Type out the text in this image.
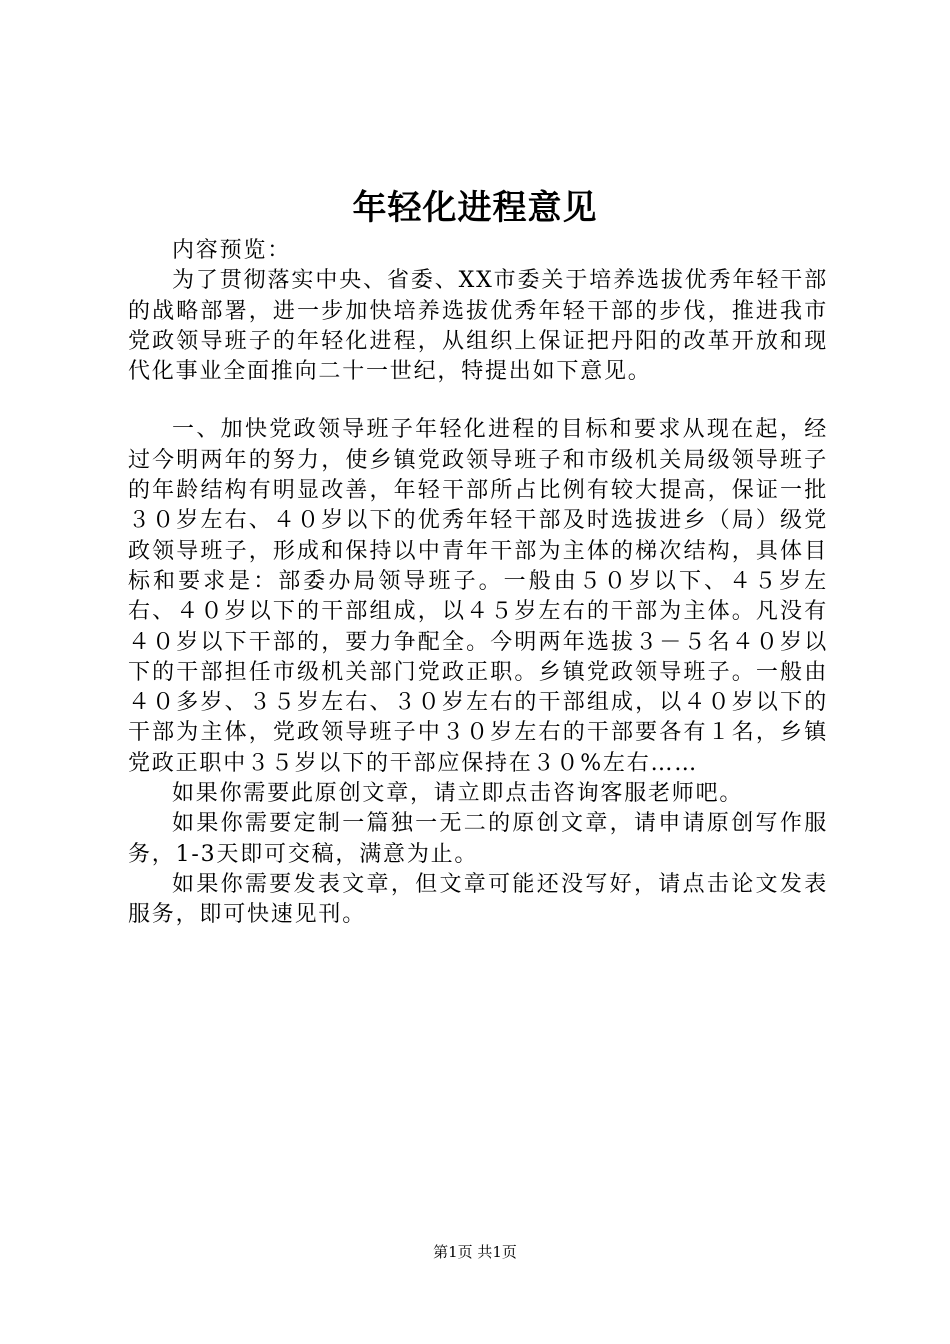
年轻化进程意见

内容预览：

为了贯彻落实中央、省委、XX市委关于培养选拔优秀年轻干部的战略部署，进一步加快培养选拔优秀年轻干部的步伐，推进我市党政领导班子的年轻化进程，从组织上保证把丹阳的改革开放和现代化事业全面推向二十一世纪，特提出如下意见。

一、加快党政领导班子年轻化进程的目标和要求从现在起，经过今明两年的努力，使乡镇党政领导班子和市级机关局级领导班子的年龄结构有明显改善，年轻干部所占比例有较大提高，保证一批３０岁左右、４０岁以下的优秀年轻干部及时选拔进乡（局）级党政领导班子，形成和保持以中青年干部为主体的梯次结构，具体目标和要求是：部委办局领导班子。一般由５０岁以下、４５岁左右、４０岁以下的干部组成，以４５岁左右的干部为主体。凡没有４０岁以下干部的，要力争配全。今明两年选拔３－５名４０岁以下的干部担任市级机关部门党政正职。乡镇党政领导班子。一般由４０多岁、３５岁左右、３０岁左右的干部组成，以４０岁以下的干部为主体，党政领导班子中３０岁左右的干部要各有１名，乡镇党政正职中３５岁以下的干部应保持在３０%左右……

如果你需要此原创文章，请立即点击咨询客服老师吧。

如果你需要定制一篇独一无二的原创文章，请申请原创写作服务，1-3天即可交稿，满意为止。

如果你需要发表文章，但文章可能还没写好，请点击论文发表服务，即可快速见刊。

第1页 共1页
